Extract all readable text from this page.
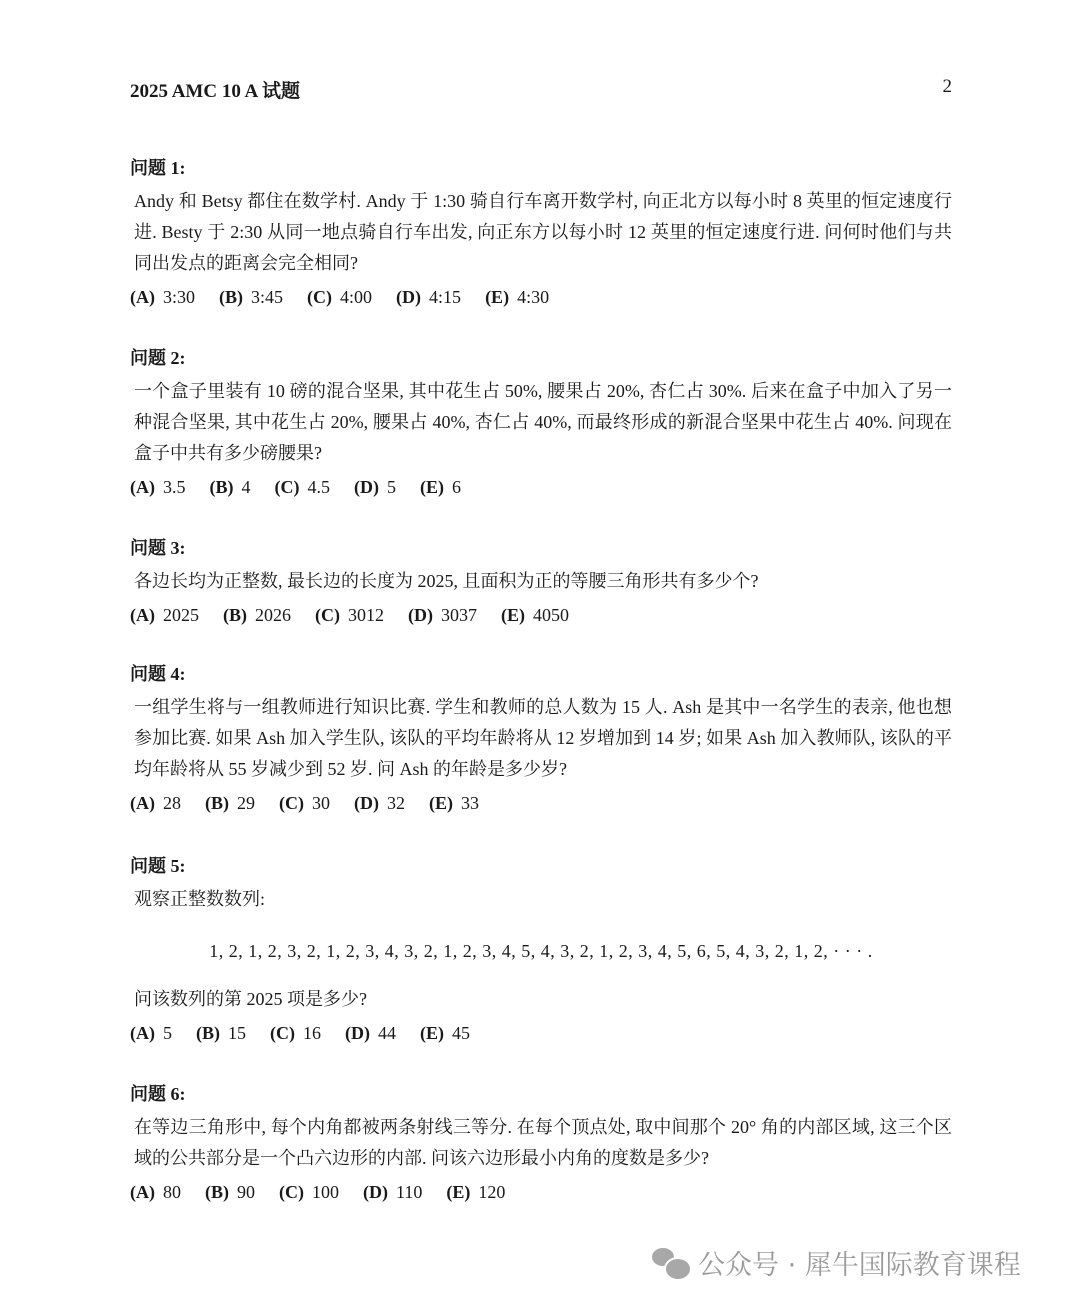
2025 AMC 10 A 试题	2
问题 1:
Andy 和 Betsy 都住在数学村. Andy 于 1:30 骑自行车离开数学村, 向正北方以每小时 8 英里的恒定速度行进. Besty 于 2:30 从同一地点骑自行车出发, 向正东方以每小时 12 英里的恒定速度行进. 问何时他们与共同出发点的距离会完全相同?
(A) 3:30 (B) 3:45 (C) 4:00 (D) 4:15 (E) 4:30
问题 2:
一个盒子里装有 10 磅的混合坚果, 其中花生占 50%, 腰果占 20%, 杏仁占 30%. 后来在盒子中加入了另一种混合坚果, 其中花生占 20%, 腰果占 40%, 杏仁占 40%, 而最终形成的新混合坚果中花生占 40%. 问现在盒子中共有多少磅腰果?
(A) 3.5 (B) 4 (C) 4.5 (D) 5 (E) 6
问题 3:
各边长均为正整数, 最长边的长度为 2025, 且面积为正的等腰三角形共有多少个?
(A) 2025 (B) 2026 (C) 3012 (D) 3037 (E) 4050
问题 4:
一组学生将与一组教师进行知识比赛. 学生和教师的总人数为 15 人. Ash 是其中一名学生的表亲, 他也想参加比赛. 如果 Ash 加入学生队, 该队的平均年龄将从 12 岁增加到 14 岁; 如果 Ash 加入教师队, 该队的平均年龄将从 55 岁减少到 52 岁. 问 Ash 的年龄是多少岁?
(A) 28 (B) 29 (C) 30 (D) 32 (E) 33
问题 5:
观察正整数数列:
1, 2, 1, 2, 3, 2, 1, 2, 3, 4, 3, 2, 1, 2, 3, 4, 5, 4, 3, 2, 1, 2, 3, 4, 5, 6, 5, 4, 3, 2, 1, 2, · · · .
问该数列的第 2025 项是多少?
(A) 5 (B) 15 (C) 16 (D) 44 (E) 45
问题 6:
在等边三角形中, 每个内角都被两条射线三等分. 在每个顶点处, 取中间那个 20° 角的内部区域, 这三个区域的公共部分是一个凸六边形的内部. 问该六边形最小内角的度数是多少?
(A) 80 (B) 90 (C) 100 (D) 110 (E) 120
公众号 · 犀牛国际教育课程
